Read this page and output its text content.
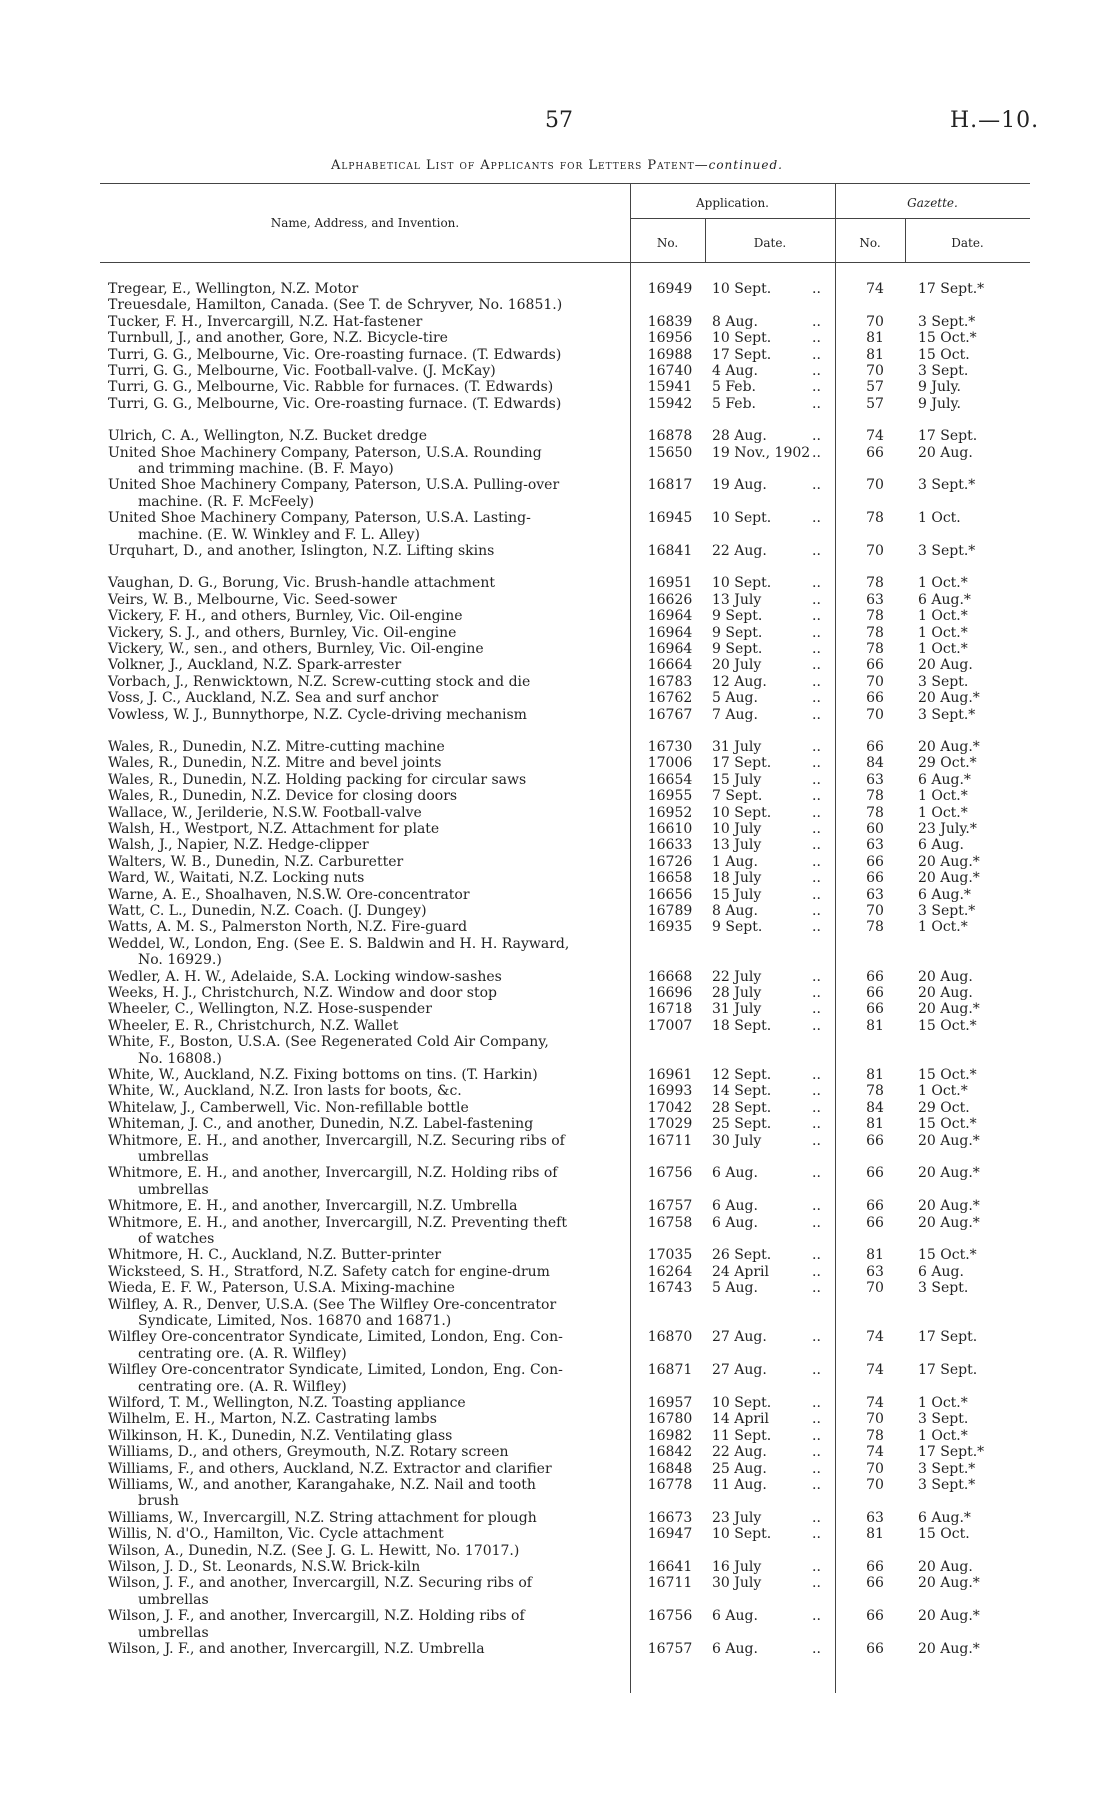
57	H.—10.
Alphabetical List of Applicants for Letters Patent—continued.
Name, Address, and Invention.
Application.	Gazette.
No.	Date.	No.	Date.
Tregear, E., Wellington, N.Z. Motor	16949	10 Sept.	..	74	17 Sept.*
Treuesdale, Hamilton, Canada. (See T. de Schryver, No. 16851.)
Tucker, F. H., Invercargill, N.Z. Hat-fastener	16839	8 Aug.	..	70	3 Sept.*
Turnbull, J., and another, Gore, N.Z. Bicycle-tire	16956	10 Sept.	..	81	15 Oct.*
Turri, G. G., Melbourne, Vic. Ore-roasting furnace. (T. Edwards)	16988	17 Sept.	..	81	15 Oct.
Turri, G. G., Melbourne, Vic. Football-valve. (J. McKay)	16740	4 Aug.	..	70	3 Sept.
Turri, G. G., Melbourne, Vic. Rabble for furnaces. (T. Edwards)	15941	5 Feb.	..	57	9 July.
Turri, G. G., Melbourne, Vic. Ore-roasting furnace. (T. Edwards)	15942	5 Feb.	..	57	9 July.
Ulrich, C. A., Wellington, N.Z. Bucket dredge	16878	28 Aug.	..	74	17 Sept.
United Shoe Machinery Company, Paterson, U.S.A. Rounding	15650	19 Nov., 1902 ..	66	20 Aug.
and trimming machine. (B. F. Mayo)
United Shoe Machinery Company, Paterson, U.S.A. Pulling-over	16817	19 Aug.	..	70	3 Sept.*
machine. (R. F. McFeely)
United Shoe Machinery Company, Paterson, U.S.A. Lasting-	16945	10 Sept.	..	78	1 Oct.
machine. (E. W. Winkley and F. L. Alley)
Urquhart, D., and another, Islington, N.Z. Lifting skins	16841	22 Aug.	..	70	3 Sept.*
Vaughan, D. G., Borung, Vic. Brush-handle attachment	16951	10 Sept.	..	78	1 Oct.*
Veirs, W. B., Melbourne, Vic. Seed-sower	16626	13 July	..	63	6 Aug.*
Vickery, F. H., and others, Burnley, Vic. Oil-engine	16964	9 Sept.	..	78	1 Oct.*
Vickery, S. J., and others, Burnley, Vic. Oil-engine	16964	9 Sept.	..	78	1 Oct.*
Vickery, W., sen., and others, Burnley, Vic. Oil-engine	16964	9 Sept.	..	78	1 Oct.*
Volkner, J., Auckland, N.Z. Spark-arrester	16664	20 July	..	66	20 Aug.
Vorbach, J., Renwicktown, N.Z. Screw-cutting stock and die	16783	12 Aug.	..	70	3 Sept.
Voss, J. C., Auckland, N.Z. Sea and surf anchor	16762	5 Aug.	..	66	20 Aug.*
Vowless, W. J., Bunnythorpe, N.Z. Cycle-driving mechanism	16767	7 Aug.	..	70	3 Sept.*
Wales, R., Dunedin, N.Z. Mitre-cutting machine	16730	31 July	..	66	20 Aug.*
Wales, R., Dunedin, N.Z. Mitre and bevel joints	17006	17 Sept.	..	84	29 Oct.*
Wales, R., Dunedin, N.Z. Holding packing for circular saws	16654	15 July	..	63	6 Aug.*
Wales, R., Dunedin, N.Z. Device for closing doors	16955	7 Sept.	..	78	1 Oct.*
Wallace, W., Jerilderie, N.S.W. Football-valve	16952	10 Sept.	..	78	1 Oct.*
Walsh, H., Westport, N.Z. Attachment for plate	16610	10 July	..	60	23 July.*
Walsh, J., Napier, N.Z. Hedge-clipper	16633	13 July	..	63	6 Aug.
Walters, W. B., Dunedin, N.Z. Carburetter	16726	1 Aug.	..	66	20 Aug.*
Ward, W., Waitati, N.Z. Locking nuts	16658	18 July	..	66	20 Aug.*
Warne, A. E., Shoalhaven, N.S.W. Ore-concentrator	16656	15 July	..	63	6 Aug.*
Watt, C. L., Dunedin, N.Z. Coach. (J. Dungey)	16789	8 Aug.	..	70	3 Sept.*
Watts, A. M. S., Palmerston North, N.Z. Fire-guard	16935	9 Sept.	..	78	1 Oct.*
Weddel, W., London, Eng. (See E. S. Baldwin and H. H. Rayward,
No. 16929.)
Wedler, A. H. W., Adelaide, S.A. Locking window-sashes	16668	22 July	..	66	20 Aug.
Weeks, H. J., Christchurch, N.Z. Window and door stop	16696	28 July	..	66	20 Aug.
Wheeler, C., Wellington, N.Z. Hose-suspender	16718	31 July	..	66	20 Aug.*
Wheeler, E. R., Christchurch, N.Z. Wallet	17007	18 Sept.	..	81	15 Oct.*
White, F., Boston, U.S.A. (See Regenerated Cold Air Company,
No. 16808.)
White, W., Auckland, N.Z. Fixing bottoms on tins. (T. Harkin)	16961	12 Sept.	..	81	15 Oct.*
White, W., Auckland, N.Z. Iron lasts for boots, &c.	16993	14 Sept.	..	78	1 Oct.*
Whitelaw, J., Camberwell, Vic. Non-refillable bottle	17042	28 Sept.	..	84	29 Oct.
Whiteman, J. C., and another, Dunedin, N.Z. Label-fastening	17029	25 Sept.	..	81	15 Oct.*
Whitmore, E. H., and another, Invercargill, N.Z. Securing ribs of	16711	30 July	..	66	20 Aug.*
umbrellas
Whitmore, E. H., and another, Invercargill, N.Z. Holding ribs of	16756	6 Aug.	..	66	20 Aug.*
umbrellas
Whitmore, E. H., and another, Invercargill, N.Z. Umbrella	16757	6 Aug.	..	66	20 Aug.*
Whitmore, E. H., and another, Invercargill, N.Z. Preventing theft	16758	6 Aug.	..	66	20 Aug.*
of watches
Whitmore, H. C., Auckland, N.Z. Butter-printer	17035	26 Sept.	..	81	15 Oct.*
Wicksteed, S. H., Stratford, N.Z. Safety catch for engine-drum	16264	24 April	..	63	6 Aug.
Wieda, E. F. W., Paterson, U.S.A. Mixing-machine	16743	5 Aug.	..	70	3 Sept.
Wilfley, A. R., Denver, U.S.A. (See The Wilfley Ore-concentrator
Syndicate, Limited, Nos. 16870 and 16871.)
Wilfley Ore-concentrator Syndicate, Limited, London, Eng. Con-	16870	27 Aug.	..	74	17 Sept.
centrating ore. (A. R. Wilfley)
Wilfley Ore-concentrator Syndicate, Limited, London, Eng. Con-	16871	27 Aug.	..	74	17 Sept.
centrating ore. (A. R. Wilfley)
Wilford, T. M., Wellington, N.Z. Toasting appliance	16957	10 Sept.	..	74	1 Oct.*
Wilhelm, E. H., Marton, N.Z. Castrating lambs	16780	14 April	..	70	3 Sept.
Wilkinson, H. K., Dunedin, N.Z. Ventilating glass	16982	11 Sept.	..	78	1 Oct.*
Williams, D., and others, Greymouth, N.Z. Rotary screen	16842	22 Aug.	..	74	17 Sept.*
Williams, F., and others, Auckland, N.Z. Extractor and clarifier	16848	25 Aug.	..	70	3 Sept.*
Williams, W., and another, Karangahake, N.Z. Nail and tooth	16778	11 Aug.	..	70	3 Sept.*
brush
Williams, W., Invercargill, N.Z. String attachment for plough	16673	23 July	..	63	6 Aug.*
Willis, N. d'O., Hamilton, Vic. Cycle attachment	16947	10 Sept.	..	81	15 Oct.
Wilson, A., Dunedin, N.Z. (See J. G. L. Hewitt, No. 17017.)
Wilson, J. D., St. Leonards, N.S.W. Brick-kiln	16641	16 July	..	66	20 Aug.
Wilson, J. F., and another, Invercargill, N.Z. Securing ribs of	16711	30 July	..	66	20 Aug.*
umbrellas
Wilson, J. F., and another, Invercargill, N.Z. Holding ribs of	16756	6 Aug.	..	66	20 Aug.*
umbrellas
Wilson, J. F., and another, Invercargill, N.Z. Umbrella	16757	6 Aug.	..	66	20 Aug.*
